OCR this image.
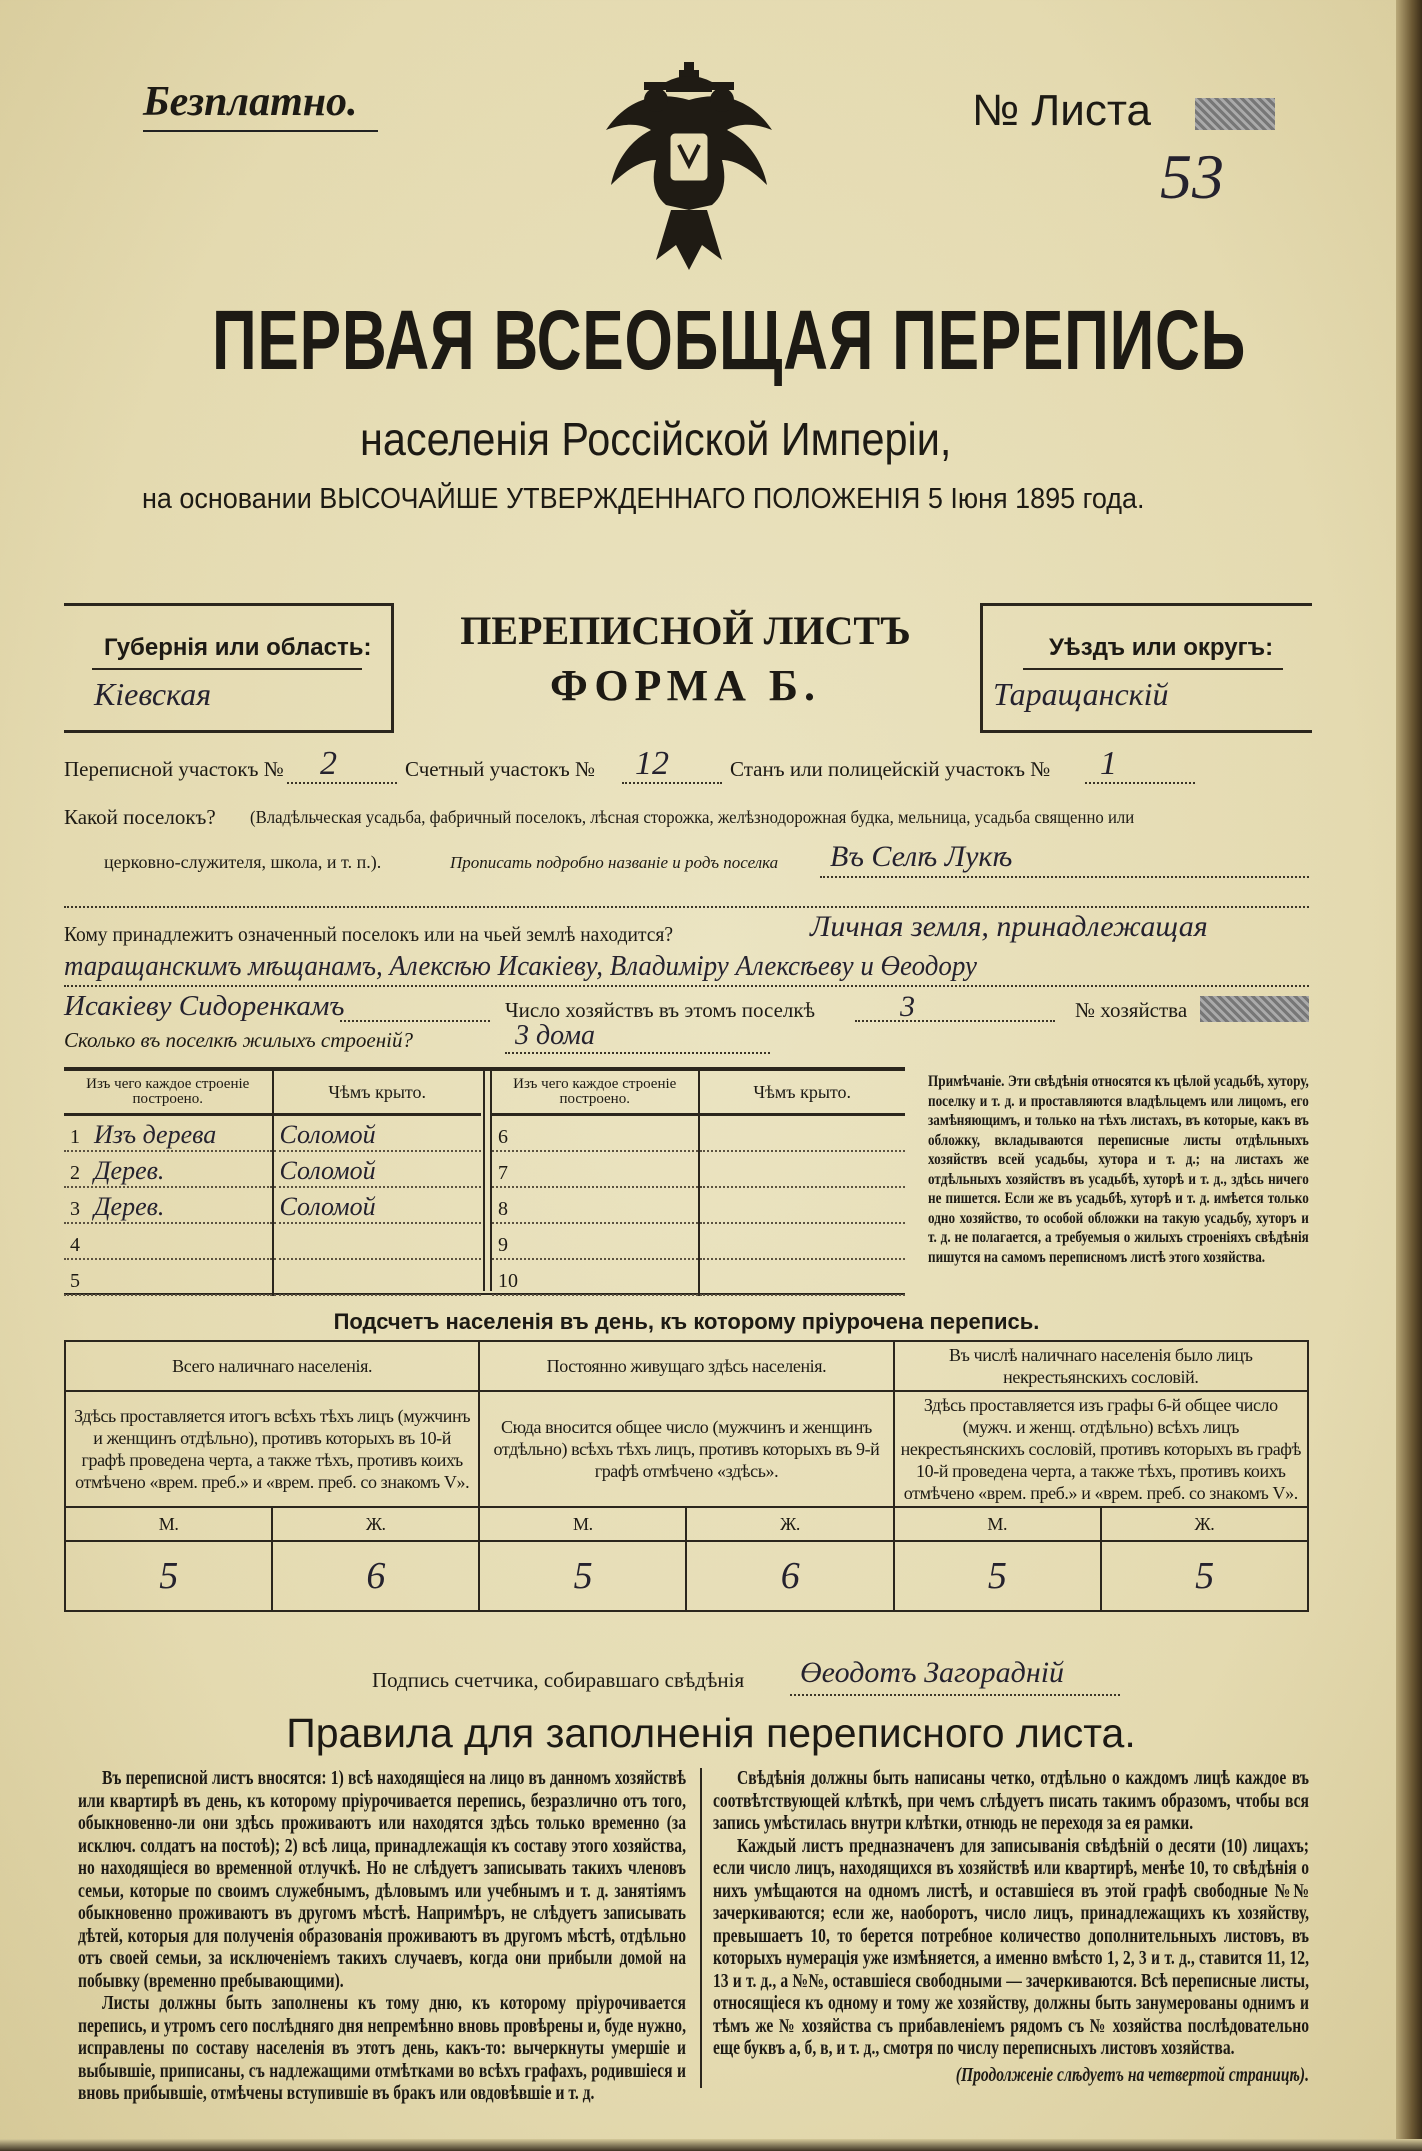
Безплатно.	№ Листа
53
ПЕРВАЯ ВСЕОБЩАЯ ПЕРЕПИСЬ
населенія Россійской Имперіи,
на основании ВЫСОЧАЙШЕ УТВЕРЖДЕННАГО ПОЛОЖЕНІЯ 5 Іюня 1895 года.
Губернія или область:
Кіевская
ПЕРЕПИСНОЙ ЛИСТЪ
ФОРМА Б.
Уѣздъ или округъ:
Таращанскій
Переписной участокъ № 2	Счетный участокъ № 12	Станъ или полицейскій участокъ № 1
Какой поселокъ? (Владѣльческая усадьба, фабричный поселокъ, лѣсная сторожка, желѣзнодорожная будка, мельница, усадьба священно или
церковно-служителя, школа, и т. п.).	Прописать подробно названіе и родъ поселка Въ Селѣ Лукѣ
Кому принадлежитъ означенный поселокъ или на чьей землѣ находится?	Личная земля, принадлежащая
таращанскимъ мѣщанамъ, Алексѣю Исакіеву, Владиміру Алексѣеву и Өеодору
Исакіеву Сидоренкамъ	Число хозяйствъ въ этомъ поселкѣ	3	№ хозяйства
Сколько въ поселкѣ жилыхъ строеній?	3 дома
Изъ чего каждое строеніе построено.	Чѣмъ крыто.
1 Изъ дерева	Соломой
2 Дерев.	Соломой
3 Дерев.	Соломой
4	
5	
Изъ чего каждое строеніе построено.	Чѣмъ крыто.
6	
7	
8	
9	
10	
Примѣчаніе. Эти свѣдѣнія относятся къ цѣлой усадьбѣ, хутору, поселку и т. д. и проставляются владѣльцемъ или лицомъ, его замѣняющимъ, и только на тѣхъ листахъ, въ которые, какъ въ обложку, вкладываются переписные листы отдѣльныхъ хозяйствъ всей усадьбы, хутора и т. д.; на листахъ же отдѣльныхъ хозяйствъ въ усадьбѣ, хуторѣ и т. д., здѣсь ничего не пишется. Если же въ усадьбѣ, хуторѣ и т. д. имѣется только одно хозяйство, то особой обложки на такую усадьбу, хуторъ и т. д. не полагается, а требуемыя о жилыхъ строеніяхъ свѣдѣнія пишутся на самомъ переписномъ листѣ этого хозяйства.
Подсчетъ населенія въ день, къ которому пріурочена перепись.
Всего наличнаго населенія.		Постоянно живущаго здѣсь населенія.		Въ числѣ наличнаго населенія было лицъ некрестьянскихъ сословій.	
Здѣсь проставляется итогъ всѣхъ тѣхъ лицъ (мужчинъ и женщинъ отдѣльно), противъ которыхъ въ 10-й графѣ проведена черта, а также тѣхъ, противъ коихъ отмѣчено «врем. преб.» и «врем. преб. со знакомъ V».		Сюда вносится общее число (мужчинъ и женщинъ отдѣльно) всѣхъ тѣхъ лицъ, противъ которыхъ въ 9-й графѣ отмѣчено «здѣсь».		Здѣсь проставляется изъ графы 6-й общее число (мужч. и женщ. отдѣльно) всѣхъ лицъ некрестьянскихъ сословій, противъ которыхъ въ графѣ 10-й проведена черта, а также тѣхъ, противъ коихъ отмѣчено «врем. преб.» и «врем. преб. со знакомъ V».	
М.	Ж.	М.	Ж.	М.	Ж.
5	6	5	6	5	5
Подпись счетчика, собиравшаго свѣдѣнія Өеодотъ Загорадній
Правила для заполненія переписного листа.

Въ переписной листъ вносятся: 1) всѣ находящіеся на лицо въ данномъ хозяйствѣ или квартирѣ въ день, къ которому пріурочивается перепись, безразлично отъ того, обыкновенно-ли они здѣсь проживаютъ или находятся здѣсь только временно (за исключ. солдатъ на постоѣ); 2) всѣ лица, принадлежащія къ составу этого хозяйства, но находящіеся во временной отлучкѣ. Но не слѣдуетъ записывать такихъ членовъ семьи, которые по своимъ служебнымъ, дѣловымъ или учебнымъ и т. д. занятіямъ обыкновенно проживаютъ въ другомъ мѣстѣ. Напримѣръ, не слѣдуетъ записывать дѣтей, которыя для полученія образованія проживаютъ въ другомъ мѣстѣ, отдѣльно отъ своей семьи, за исключеніемъ такихъ случаевъ, когда они прибыли домой на побывку (временно пребывающими).

Листы должны быть заполнены къ тому дню, къ которому пріурочивается перепись, и утромъ сего послѣдняго дня непремѣнно вновь провѣрены и, буде нужно, исправлены по составу населенія въ этотъ день, какъ-то: вычеркнуты умершіе и выбывшіе, приписаны, съ надлежащими отмѣтками во всѣхъ графахъ, родившіеся и вновь прибывшіе, отмѣчены вступившіе въ бракъ или овдовѣвшіе и т. д.

Свѣдѣнія должны быть написаны четко, отдѣльно о каждомъ лицѣ каждое въ соотвѣтствующей клѣткѣ, при чемъ слѣдуетъ писать такимъ образомъ, чтобы вся запись умѣстилась внутри клѣтки, отнюдь не переходя за ея рамки.

Каждый листъ предназначенъ для записыванія свѣдѣній о десяти (10) лицахъ; если число лицъ, находящихся въ хозяйствѣ или квартирѣ, менѣе 10, то свѣдѣнія о нихъ умѣщаются на одномъ листѣ, и оставшіеся въ этой графѣ свободные №№ зачеркиваются; если же, наоборотъ, число лицъ, принадлежащихъ къ хозяйству, превышаетъ 10, то берется потребное количество дополнительныхъ листовъ, въ которыхъ нумерація уже измѣняется, а именно вмѣсто 1, 2, 3 и т. д., ставится 11, 12, 13 и т. д., а №№, оставшіеся свободными — зачеркиваются. Всѣ переписные листы, относящіеся къ одному и тому же хозяйству, должны быть занумерованы однимъ и тѣмъ же № хозяйства съ прибавленіемъ рядомъ съ № хозяйства послѣдовательно еще буквъ а, б, в, и т. д., смотря по числу переписныхъ листовъ хозяйства.

(Продолженіе слѣдуетъ на четвертой страницѣ).
